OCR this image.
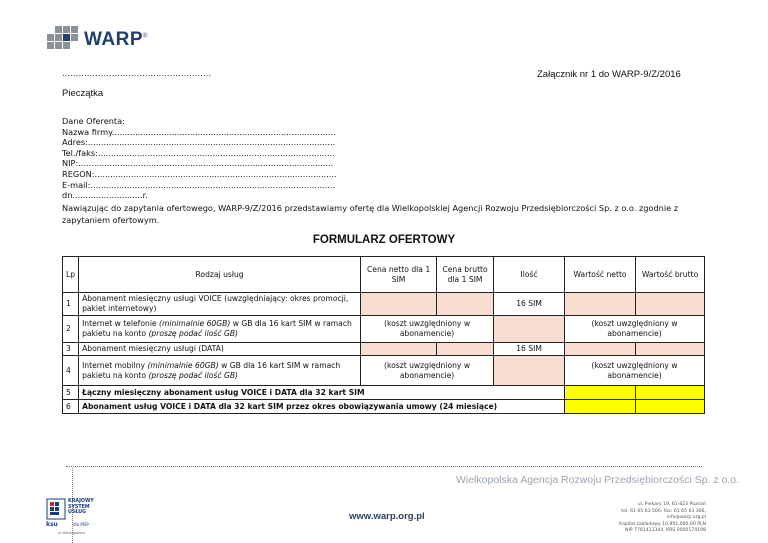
WARP®
………………………………………………	Załącznik nr 1 do WARP-9/Z/2016
Pieczątka
Dane Oferenta:
Nazwa firmy......................................................................................
Adres:...............................................................................................
Tel./faks:...........................................................................................
NIP:..................................................................................................
REGON:.............................................................................................
E-mail:..............................................................................................
dn...........................r.
Nawiązując do zapytania ofertowego, WARP-9/Z/2016 przedstawiamy ofertę dla Wielkopolskiej Agencji Rozwoju Przedsiębiorczości Sp. z o.o. zgodnie z zapytaniem ofertowym.
FORMULARZ OFERTOWY
Lp	Rodzaj usług	Cena netto dla 1 SIM	Cena brutto dla 1 SIM	Ilość	Wartość netto	Wartość brutto
1	Abonament miesięczny usługi VOICE (uwzględniający: okres promocji, pakiet internetowy)			16 SIM		
2	Internet w telefonie (minimalnie 60GB) w GB dla 16 kart SIM w ramach pakietu na konto (proszę podać ilość GB)	(koszt uwzględniony w abonamencie)			(koszt uwzględniony w abonamencie)	
3	Abonament miesięczny usługi (DATA)			16 SIM		
4	Internet mobilny (minimalnie 60GB) w GB dla 16 kart SIM w ramach pakietu na konto (proszę podać ilość GB)	(koszt uwzględniony w abonamencie)			(koszt uwzględniony w abonamencie)	
5	Łączny miesięczny abonament usług VOICE i DATA dla 32 kart SIM					
6	Abonament usług VOICE i DATA dla 32 kart SIM przez okres obowiązywania umowy (24 miesiące)					
Wielkopolska Agencja Rozwoju Przedsiębiorczości Sp. z o.o.
www.warp.org.pl
KRAJOWY
SYSTEM
USŁUG
ksu	dla MŚP
w Wielkopolsce
ul. Piekary 19, 61-823 Poznań
tel. 61 65 63 500, fax: 61 65 63 366, info@warp.org.pl
Kapitał zakładowy 10.951.000,00 PLN
NIP 7781411344, KRS 0000174198
